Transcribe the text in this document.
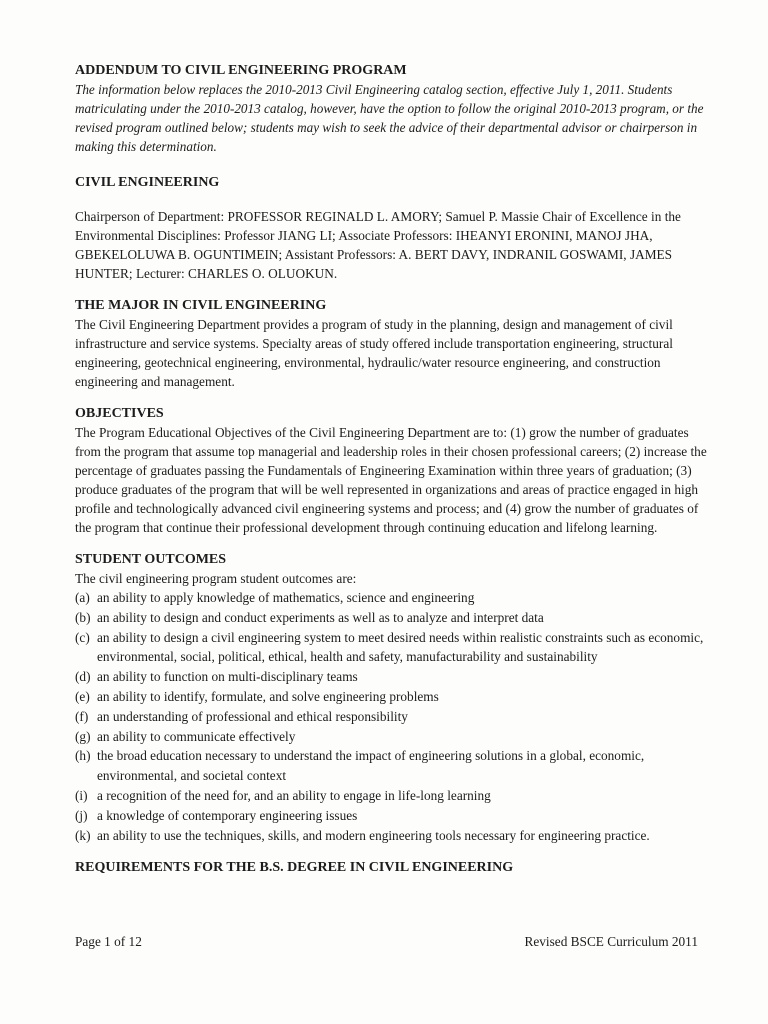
ADDENDUM TO CIVIL ENGINEERING PROGRAM

The information below replaces the 2010-2013 Civil Engineering catalog section, effective July 1, 2011. Students matriculating under the 2010-2013 catalog, however, have the option to follow the original 2010-2013 program, or the revised program outlined below; students may wish to seek the advice of their departmental advisor or chairperson in making this determination.

CIVIL ENGINEERING

Chairperson of Department: PROFESSOR REGINALD L. AMORY; Samuel P. Massie Chair of Excellence in the Environmental Disciplines: Professor JIANG LI; Associate Professors: IHEANYI ERONINI, MANOJ JHA, GBEKELOLUWA B. OGUNTIMEIN; Assistant Professors: A. BERT DAVY, INDRANIL GOSWAMI, JAMES HUNTER; Lecturer: CHARLES O. OLUOKUN.

THE MAJOR IN CIVIL ENGINEERING

The Civil Engineering Department provides a program of study in the planning, design and management of civil infrastructure and service systems. Specialty areas of study offered include transportation engineering, structural engineering, geotechnical engineering, environmental, hydraulic/water resource engineering, and construction engineering and management.

OBJECTIVES

The Program Educational Objectives of the Civil Engineering Department are to: (1) grow the number of graduates from the program that assume top managerial and leadership roles in their chosen professional careers; (2) increase the percentage of graduates passing the Fundamentals of Engineering Examination within three years of graduation; (3) produce graduates of the program that will be well represented in organizations and areas of practice engaged in high profile and technologically advanced civil engineering systems and process; and (4) grow the number of graduates of the program that continue their professional development through continuing education and lifelong learning.

STUDENT OUTCOMES

The civil engineering program student outcomes are:

(a) an ability to apply knowledge of mathematics, science and engineering
(b) an ability to design and conduct experiments as well as to analyze and interpret data
(c) an ability to design a civil engineering system to meet desired needs within realistic constraints such as economic, environmental, social, political, ethical, health and safety, manufacturability and sustainability
(d) an ability to function on multi-disciplinary teams
(e) an ability to identify, formulate, and solve engineering problems
(f) an understanding of professional and ethical responsibility
(g) an ability to communicate effectively
(h) the broad education necessary to understand the impact of engineering solutions in a global, economic, environmental, and societal context
(i) a recognition of the need for, and an ability to engage in life-long learning
(j) a knowledge of contemporary engineering issues
(k) an ability to use the techniques, skills, and modern engineering tools necessary for engineering practice.
REQUIREMENTS FOR THE B.S. DEGREE IN CIVIL ENGINEERING
Page 1 of 12	Revised BSCE Curriculum 2011
